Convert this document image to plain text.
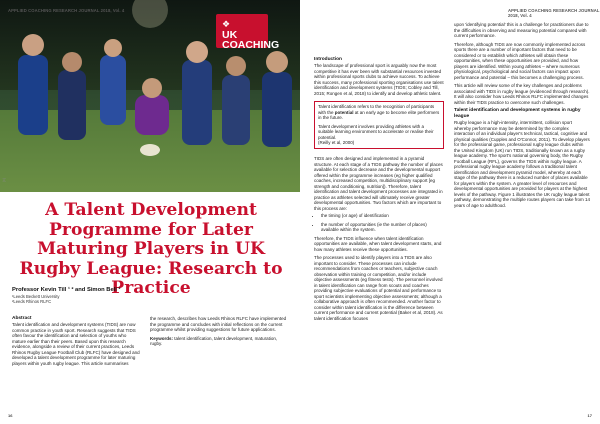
❖
UK
COACHING
APPLIED COACHING RESEARCH JOURNAL 2018, Vol. 4
(c)
A Talent Development Programme for Later Maturing Players in UK Rugby League: Research to Practice
Professor Kevin Till ¹ ² and Simon Bell ²
¹Leeds Beckett University
²Leeds Rhinos RLFC

Abstract

Talent identification and development systems (TIDS) are now common practice in youth sport. Research suggests that TIDS often favour the identification and selection of youths who mature earlier than their peers. Based upon this research evidence, alongside a review of their current practices, Leeds Rhinos Rugby League Football Club (RLFC) have designed and developed a talent development programme for later maturing players within youth rugby league. This article summarises

the research, describes how Leeds Rhinos RLFC have implemented the programme and concludes with initial reflections on the current programme whilst providing suggestions for future applications.

Keywords: talent identification, talent development, maturation, rugby.

16
APPLIED COACHING RESEARCH JOURNAL 2018, Vol. 4

Introduction

The landscape of professional sport is arguably now the most competitive it has ever been with substantial resources invested within professional sports clubs to achieve success. To achieve this success, many professional sporting organisations use talent identification and development systems (TIDS; Cobley and Till, 2015; Rongen et al, 2018) to identify and develop athletic talent.

Talent identification refers to the recognition of participants with the potential at an early age to become elite performers in the future.

Talent development involves providing athletes with a suitable learning environment to accelerate or realise their potential.
(Reilly et al, 2000)

TIDS are often designed and implemented in a pyramid structure. At each stage of a TIDS pathway the number of places available for selection decrease and the developmental support offered within the programme increases (eg higher qualified coaches, increased competition, multidisciplinary support [eg strength and conditioning, nutrition]). Therefore, talent identification and talent development processes are integrated in practice as athletes selected will ultimately receive greater developmental opportunities. Two factors which are important to this process are:

• the timing (or age) of identification
• the number of opportunities (ie the number of places) available within the system.

Therefore, the TIDS influence when talent identification opportunities are available, when talent development starts, and how many athletes receive these opportunities.

The processes used to identify players into a TIDS are also important to consider. These processes can include recommendations from coaches or teachers, subjective coach observation within training or competition, and/or include objective assessments (eg fitness tests). The personnel involved in talent identification can range from scouts and coaches providing subjective evaluations of potential and performance to sport scientists implementing objective assessments; although a collaborative approach is often recommended. Another factor to consider within talent identification is the difference between current performance and current potential (Baker et al, 2018). As talent identification focuses

upon 'identifying potential' this is a challenge for practitioners due to the difficulties in observing and measuring potential compared with current performance.

Therefore, although TIDS are now commonly implemented across sports there are a number of important factors that need to be considered or to establish which athletes will obtain these opportunities, when these opportunities are provided, and how players are identified. Within young athletes – where numerous physiological, psychological and social factors can impact upon performance and potential – this becomes a challenging process.

This article will review some of the key challenges and problems associated with TIDS in rugby league (evidenced through research). It will also consider how Leeds Rhinos RLFC implemented changes within their TIDS practice to overcome such challenges.

Talent identification and development systems in rugby league

Rugby league is a high-intensity, intermittent, collision sport whereby performance may be determined by the complex interaction of an individual player's technical, tactical, cognitive and physical qualities (Cupples and O'Connor, 2011). To develop players for the professional game, professional rugby league clubs within the United Kingdom (UK) run TIDS, traditionally known as a rugby league academy. The sport's national governing body, the Rugby Football League (RFL), governs the TIDS within rugby league. A professional rugby league academy follows a traditional talent identification and development pyramid model, whereby at each stage of the pathway there is a reduced number of places available for players within the system. A greater level of resources and developmental opportunities are provided for players at the highest levels of the pathway. Figure 1 illustrates the UK rugby league talent pathway, demonstrating the multiple routes players can take from 14 years of age to adulthood.

17
